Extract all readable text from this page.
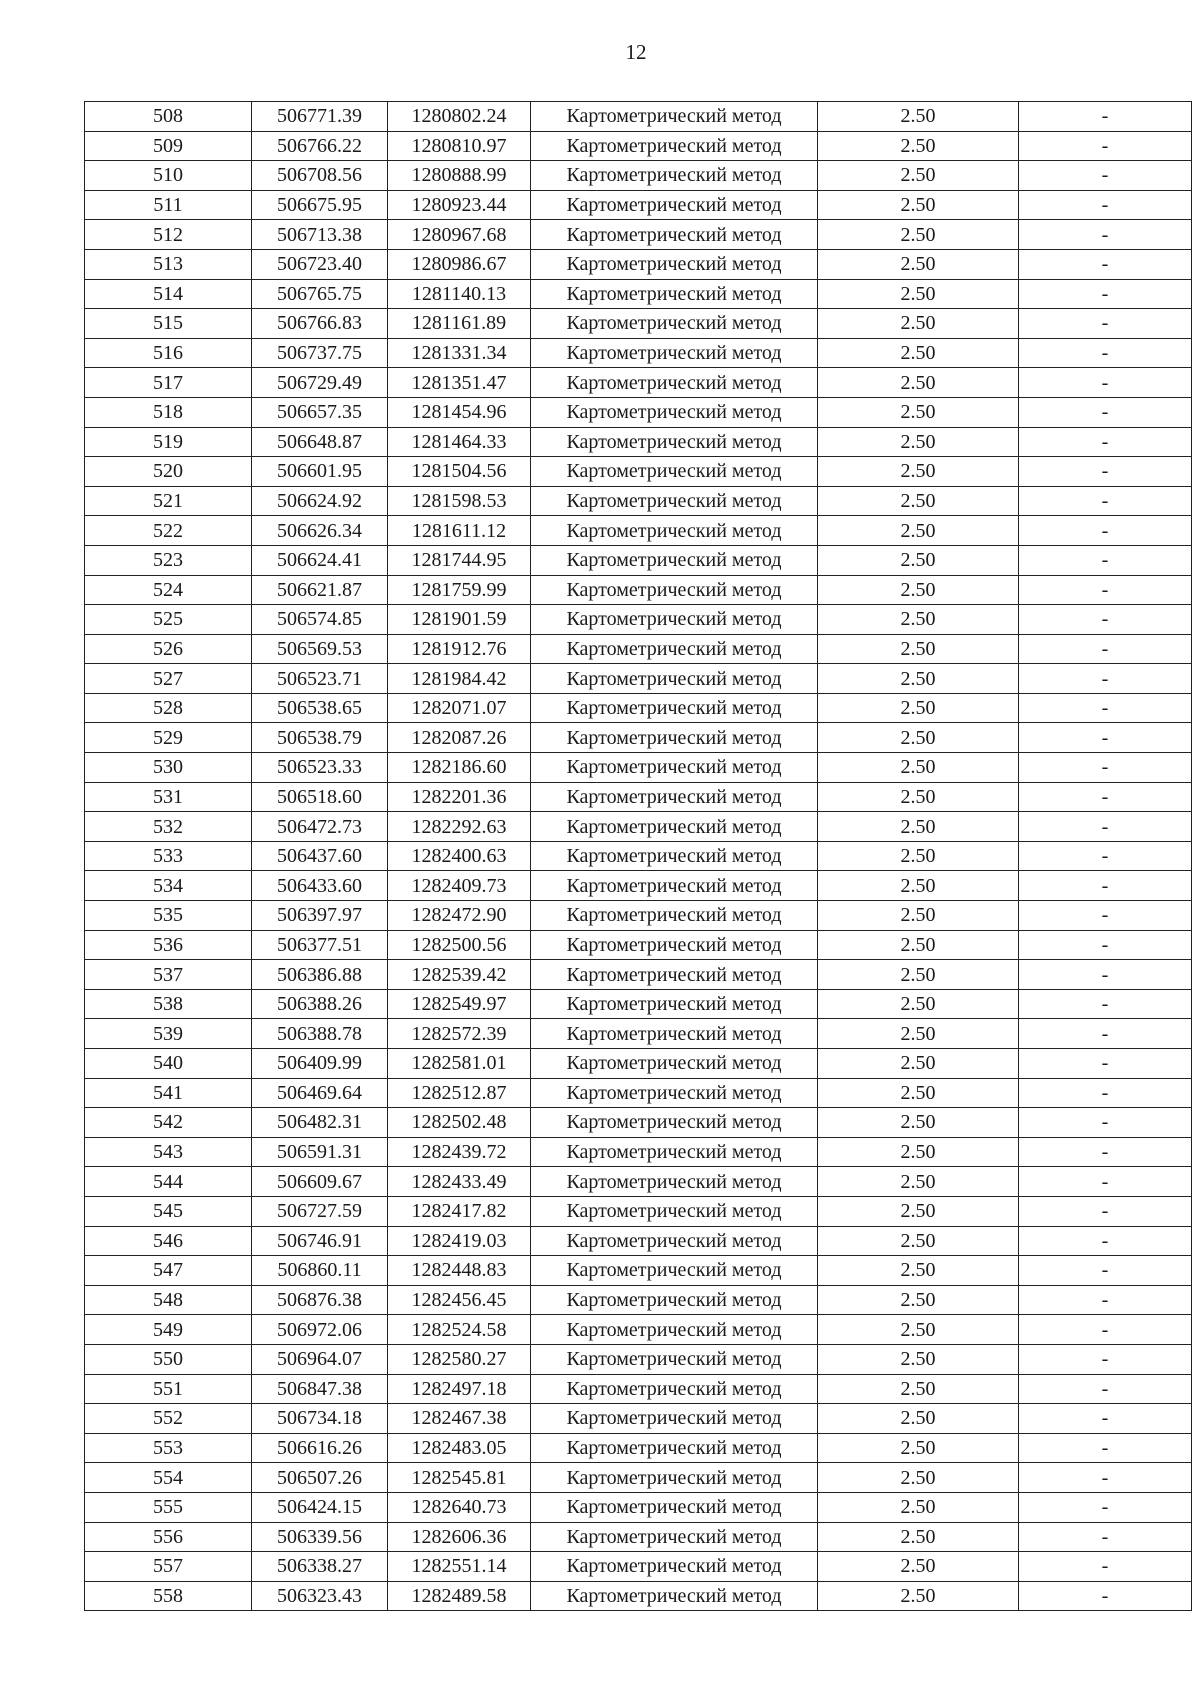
12
508	506771.39	1280802.24	Картометрический метод	2.50	-
509	506766.22	1280810.97	Картометрический метод	2.50	-
510	506708.56	1280888.99	Картометрический метод	2.50	-
511	506675.95	1280923.44	Картометрический метод	2.50	-
512	506713.38	1280967.68	Картометрический метод	2.50	-
513	506723.40	1280986.67	Картометрический метод	2.50	-
514	506765.75	1281140.13	Картометрический метод	2.50	-
515	506766.83	1281161.89	Картометрический метод	2.50	-
516	506737.75	1281331.34	Картометрический метод	2.50	-
517	506729.49	1281351.47	Картометрический метод	2.50	-
518	506657.35	1281454.96	Картометрический метод	2.50	-
519	506648.87	1281464.33	Картометрический метод	2.50	-
520	506601.95	1281504.56	Картометрический метод	2.50	-
521	506624.92	1281598.53	Картометрический метод	2.50	-
522	506626.34	1281611.12	Картометрический метод	2.50	-
523	506624.41	1281744.95	Картометрический метод	2.50	-
524	506621.87	1281759.99	Картометрический метод	2.50	-
525	506574.85	1281901.59	Картометрический метод	2.50	-
526	506569.53	1281912.76	Картометрический метод	2.50	-
527	506523.71	1281984.42	Картометрический метод	2.50	-
528	506538.65	1282071.07	Картометрический метод	2.50	-
529	506538.79	1282087.26	Картометрический метод	2.50	-
530	506523.33	1282186.60	Картометрический метод	2.50	-
531	506518.60	1282201.36	Картометрический метод	2.50	-
532	506472.73	1282292.63	Картометрический метод	2.50	-
533	506437.60	1282400.63	Картометрический метод	2.50	-
534	506433.60	1282409.73	Картометрический метод	2.50	-
535	506397.97	1282472.90	Картометрический метод	2.50	-
536	506377.51	1282500.56	Картометрический метод	2.50	-
537	506386.88	1282539.42	Картометрический метод	2.50	-
538	506388.26	1282549.97	Картометрический метод	2.50	-
539	506388.78	1282572.39	Картометрический метод	2.50	-
540	506409.99	1282581.01	Картометрический метод	2.50	-
541	506469.64	1282512.87	Картометрический метод	2.50	-
542	506482.31	1282502.48	Картометрический метод	2.50	-
543	506591.31	1282439.72	Картометрический метод	2.50	-
544	506609.67	1282433.49	Картометрический метод	2.50	-
545	506727.59	1282417.82	Картометрический метод	2.50	-
546	506746.91	1282419.03	Картометрический метод	2.50	-
547	506860.11	1282448.83	Картометрический метод	2.50	-
548	506876.38	1282456.45	Картометрический метод	2.50	-
549	506972.06	1282524.58	Картометрический метод	2.50	-
550	506964.07	1282580.27	Картометрический метод	2.50	-
551	506847.38	1282497.18	Картометрический метод	2.50	-
552	506734.18	1282467.38	Картометрический метод	2.50	-
553	506616.26	1282483.05	Картометрический метод	2.50	-
554	506507.26	1282545.81	Картометрический метод	2.50	-
555	506424.15	1282640.73	Картометрический метод	2.50	-
556	506339.56	1282606.36	Картометрический метод	2.50	-
557	506338.27	1282551.14	Картометрический метод	2.50	-
558	506323.43	1282489.58	Картометрический метод	2.50	-
